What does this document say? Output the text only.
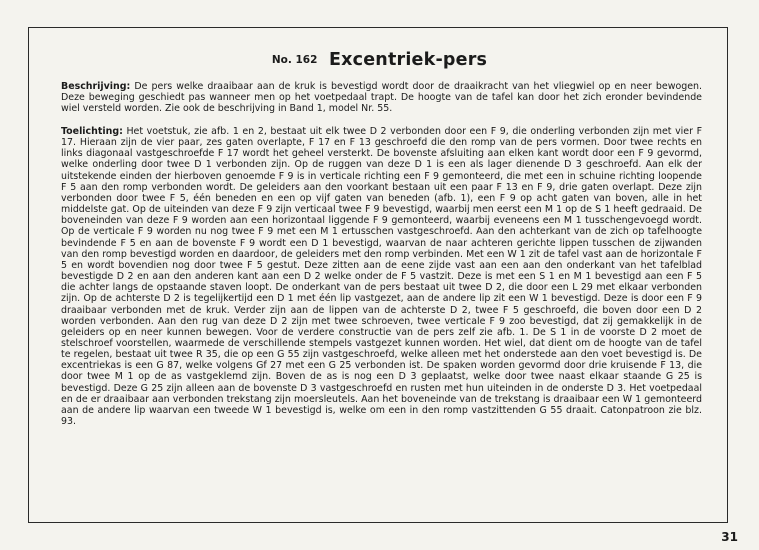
No. 162 Excentriek-pers
Beschrijving: De pers welke draaibaar aan de kruk is bevestigd wordt door de draaikracht van het vliegwiel op en neer bewogen. Deze beweging geschiedt pas wanneer men op het voetpedaal trapt. De hoogte van de tafel kan door het zich eronder bevindende wiel versteld worden. Zie ook de beschrijving in Band 1, model Nr. 55.
Toelichting: Het voetstuk, zie afb. 1 en 2, bestaat uit elk twee D 2 verbonden door een F 9, die onderling verbonden zijn met vier F 17. Hieraan zijn de vier paar, zes gaten overlapte, F 17 en F 13 geschroefd die den romp van de pers vormen. Door twee rechts en links diagonaal vastgeschroefde F 17 wordt het geheel versterkt. De bovenste afsluiting aan elken kant wordt door een F 9 gevormd, welke onderling door twee D 1 verbonden zijn. Op de ruggen van deze D 1 is een als lager dienende D 3 geschroefd. Aan elk der uitstekende einden der hierboven genoemde F 9 is in verticale richting een F 9 gemonteerd, die met een in schuine richting loopende F 5 aan den romp verbonden wordt. De geleiders aan den voorkant bestaan uit een paar F 13 en F 9, drie gaten overlapt. Deze zijn verbonden door twee F 5, één beneden en een op vijf gaten van beneden (afb. 1), een F 9 op acht gaten van boven, alle in het middelste gat. Op de uiteinden van deze F 9 zijn verticaal twee F 9 bevestigd, waarbij men eerst een M 1 op de S 1 heeft gedraaid. De boveneinden van deze F 9 worden aan een horizontaal liggende F 9 gemonteerd, waarbij eveneens een M 1 tusschengevoegd wordt. Op de verticale F 9 worden nu nog twee F 9 met een M 1 ertusschen vastgeschroefd. Aan den achterkant van de zich op tafelhoogte bevindende F 5 en aan de bovenste F 9 wordt een D 1 bevestigd, waarvan de naar achteren gerichte lippen tusschen de zijwanden van den romp bevestigd worden en daardoor, de geleiders met den romp verbinden. Met een W 1 zit de tafel vast aan de horizontale F 5 en wordt bovendien nog door twee F 5 gestut. Deze zitten aan de eene zijde vast aan een aan den onderkant van het tafelblad bevestigde D 2 en aan den anderen kant aan een D 2 welke onder de F 5 vastzit. Deze is met een S 1 en M 1 bevestigd aan een F 5 die achter langs de opstaande staven loopt. De onderkant van de pers bestaat uit twee D 2, die door een L 29 met elkaar verbonden zijn. Op de achterste D 2 is tegelijkertijd een D 1 met één lip vastgezet, aan de andere lip zit een W 1 bevestigd. Deze is door een F 9 draaibaar verbonden met de kruk. Verder zijn aan de lippen van de achterste D 2, twee F 5 geschroefd, die boven door een D 2 worden verbonden. Aan den rug van deze D 2 zijn met twee schroeven, twee verticale F 9 zoo bevestigd, dat zij gemakkelijk in de geleiders op en neer kunnen bewegen. Voor de verdere constructie van de pers zelf zie afb. 1. De S 1 in de voorste D 2 moet de stelschroef voorstellen, waarmede de verschillende stempels vastgezet kunnen worden. Het wiel, dat dient om de hoogte van de tafel te regelen, bestaat uit twee R 35, die op een G 55 zijn vastgeschroefd, welke alleen met het onderstede aan den voet bevestigd is. De excentriekas is een G 87, welke volgens Gf 27 met een G 25 verbonden ist. De spaken worden gevormd door drie kruisende F 13, die door twee M 1 op de as vastgeklemd zijn. Boven de as is nog een D 3 geplaatst, welke door twee naast elkaar staande G 25 is bevestigd. Deze G 25 zijn alleen aan de bovenste D 3 vastgeschroefd en rusten met hun uiteinden in de onderste D 3. Het voetpedaal en de er draaibaar aan verbonden trekstang zijn moersleutels. Aan het boveneinde van de trekstang is draaibaar een W 1 gemonteerd aan de andere lip waarvan een tweede W 1 bevestigd is, welke om een in den romp vastzittenden G 55 draait. Catonpatroon zie blz. 93.
31
